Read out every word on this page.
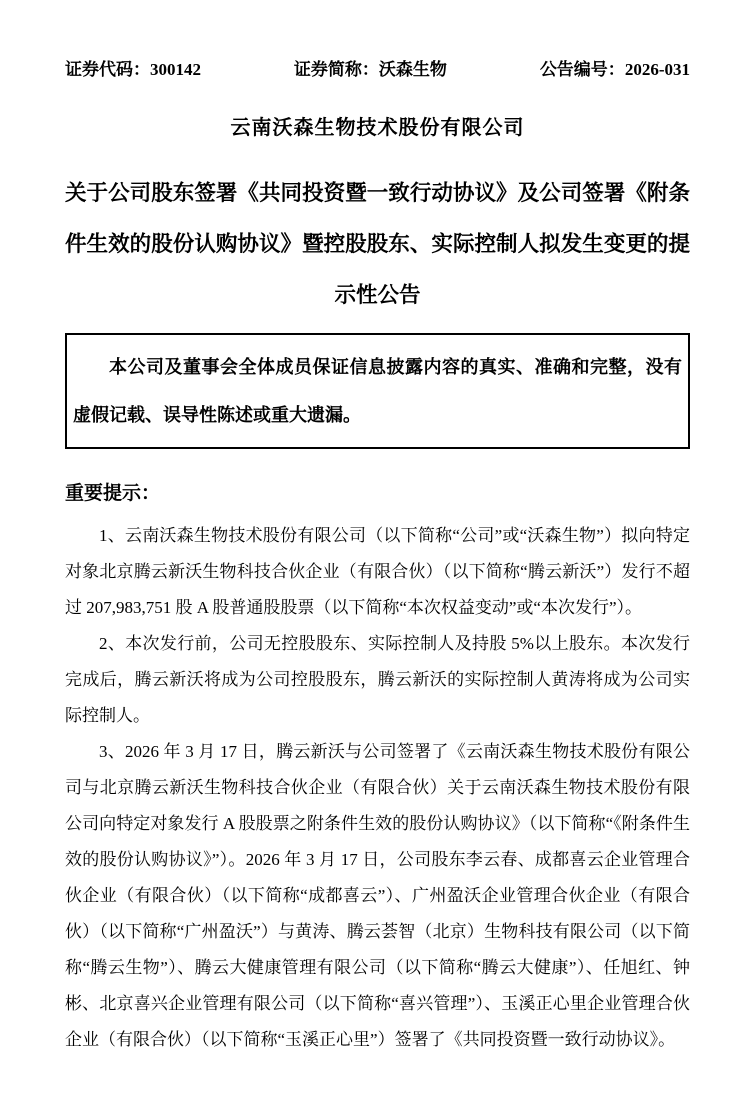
证券代码：300142	证券简称：沃森生物	公告编号：2026-031
云南沃森生物技术股份有限公司
关于公司股东签署《共同投资暨一致行动协议》及公司签署《附条件生效的股份认购协议》暨控股股东、实际控制人拟发生变更的提示性公告

本公司及董事会全体成员保证信息披露内容的真实、准确和完整，没有虚假记载、误导性陈述或重大遗漏。

重要提示：

1、云南沃森生物技术股份有限公司（以下简称“公司”或“沃森生物”）拟向特定对象北京腾云新沃生物科技合伙企业（有限合伙）（以下简称“腾云新沃”）发行不超过 207,983,751 股 A 股普通股股票（以下简称“本次权益变动”或“本次发行”）。

2、本次发行前，公司无控股股东、实际控制人及持股 5%以上股东。本次发行完成后，腾云新沃将成为公司控股股东，腾云新沃的实际控制人黄涛将成为公司实际控制人。

3、2026 年 3 月 17 日，腾云新沃与公司签署了《云南沃森生物技术股份有限公司与北京腾云新沃生物科技合伙企业（有限合伙）关于云南沃森生物技术股份有限公司向特定对象发行 A 股股票之附条件生效的股份认购协议》（以下简称“《附条件生效的股份认购协议》”）。2026 年 3 月 17 日，公司股东李云春、成都喜云企业管理合伙企业（有限合伙）（以下简称“成都喜云”）、广州盈沃企业管理合伙企业（有限合伙）（以下简称“广州盈沃”）与黄涛、腾云荟智（北京）生物科技有限公司（以下简称“腾云生物”）、腾云大健康管理有限公司（以下简称“腾云大健康”）、任旭红、钟彬、北京喜兴企业管理有限公司（以下简称“喜兴管理”）、玉溪正心里企业管理合伙企业（有限合伙）（以下简称“玉溪正心里”）签署了《共同投资暨一致行动协议》。
